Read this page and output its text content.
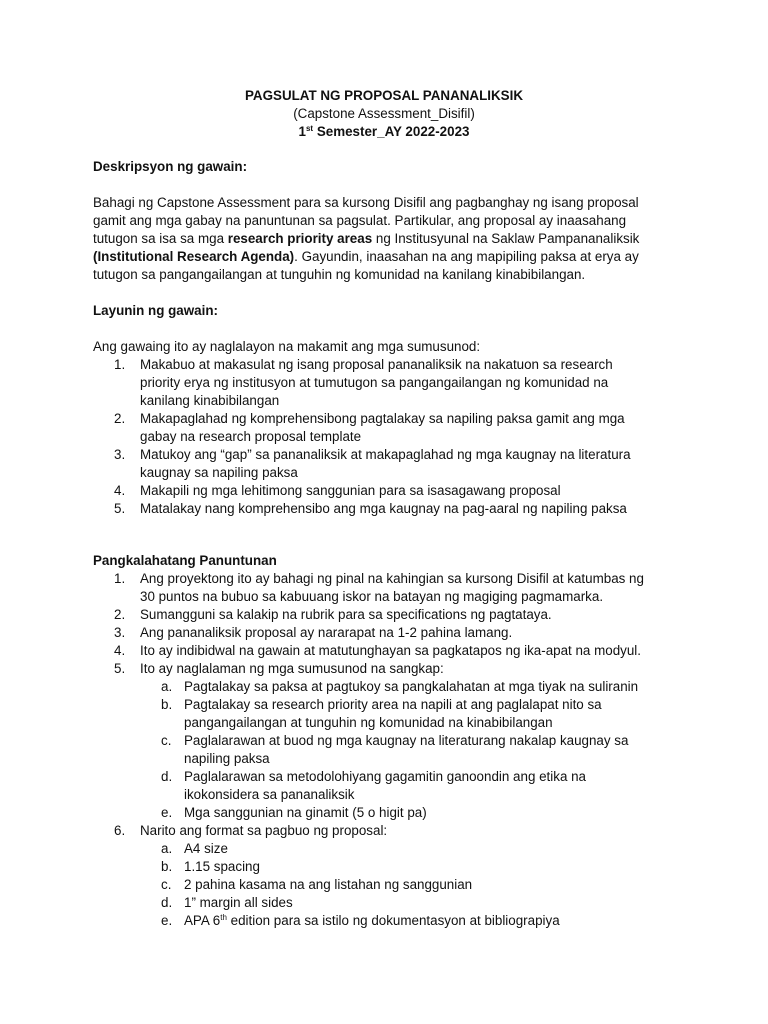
PAGSULAT NG PROPOSAL PANANALIKSIK
(Capstone Assessment_Disifil)
1st Semester_AY 2022-2023

Deskripsyon ng gawain:

Bahagi ng Capstone Assessment para sa kursong Disifil ang pagbanghay ng isang proposal

gamit ang mga gabay na panuntunan sa pagsulat. Partikular, ang proposal ay inaasahang

tutugon sa isa sa mga research priority areas ng Institusyunal na Saklaw Pampananaliksik

(Institutional Research Agenda). Gayundin, inaasahan na ang mapipiling paksa at erya ay

tutugon sa pangangailangan at tunguhin ng komunidad na kanilang kinabibilangan.

Layunin ng gawain:

Ang gawaing ito ay naglalayon na makamit ang mga sumusunod:

1. Makabuo at makasulat ng isang proposal pananaliksik na nakatuon sa research
priority erya ng institusyon at tumutugon sa pangangailangan ng komunidad na
kanilang kinabibilangan
2. Makapaglahad ng komprehensibong pagtalakay sa napiling paksa gamit ang mga
gabay na research proposal template
3. Matukoy ang “gap” sa pananaliksik at makapaglahad ng mga kaugnay na literatura
kaugnay sa napiling paksa
4. Makapili ng mga lehitimong sanggunian para sa isasagawang proposal
5. Matalakay nang komprehensibo ang mga kaugnay na pag-aaral ng napiling paksa

Pangkalahatang Panuntunan

1. Ang proyektong ito ay bahagi ng pinal na kahingian sa kursong Disifil at katumbas ng
30 puntos na bubuo sa kabuuang iskor na batayan ng magiging pagmamarka.
2. Sumangguni sa kalakip na rubrik para sa specifications ng pagtataya.
3. Ang pananaliksik proposal ay nararapat na 1-2 pahina lamang.
4. Ito ay indibidwal na gawain at matutunghayan sa pagkatapos ng ika-apat na modyul.
5. Ito ay naglalaman ng mga sumusunod na sangkap:
a. Pagtalakay sa paksa at pagtukoy sa pangkalahatan at mga tiyak na suliranin
b. Pagtalakay sa research priority area na napili at ang paglalapat nito sa
pangangailangan at tunguhin ng komunidad na kinabibilangan
c. Paglalarawan at buod ng mga kaugnay na literaturang nakalap kaugnay sa
napiling paksa
d. Paglalarawan sa metodolohiyang gagamitin ganoondin ang etika na
ikokonsidera sa pananaliksik
e. Mga sanggunian na ginamit (5 o higit pa)
6. Narito ang format sa pagbuo ng proposal:
a. A4 size
b. 1.15 spacing
c. 2 pahina kasama na ang listahan ng sanggunian
d. 1” margin all sides
e. APA 6th edition para sa istilo ng dokumentasyon at bibliograpiya
